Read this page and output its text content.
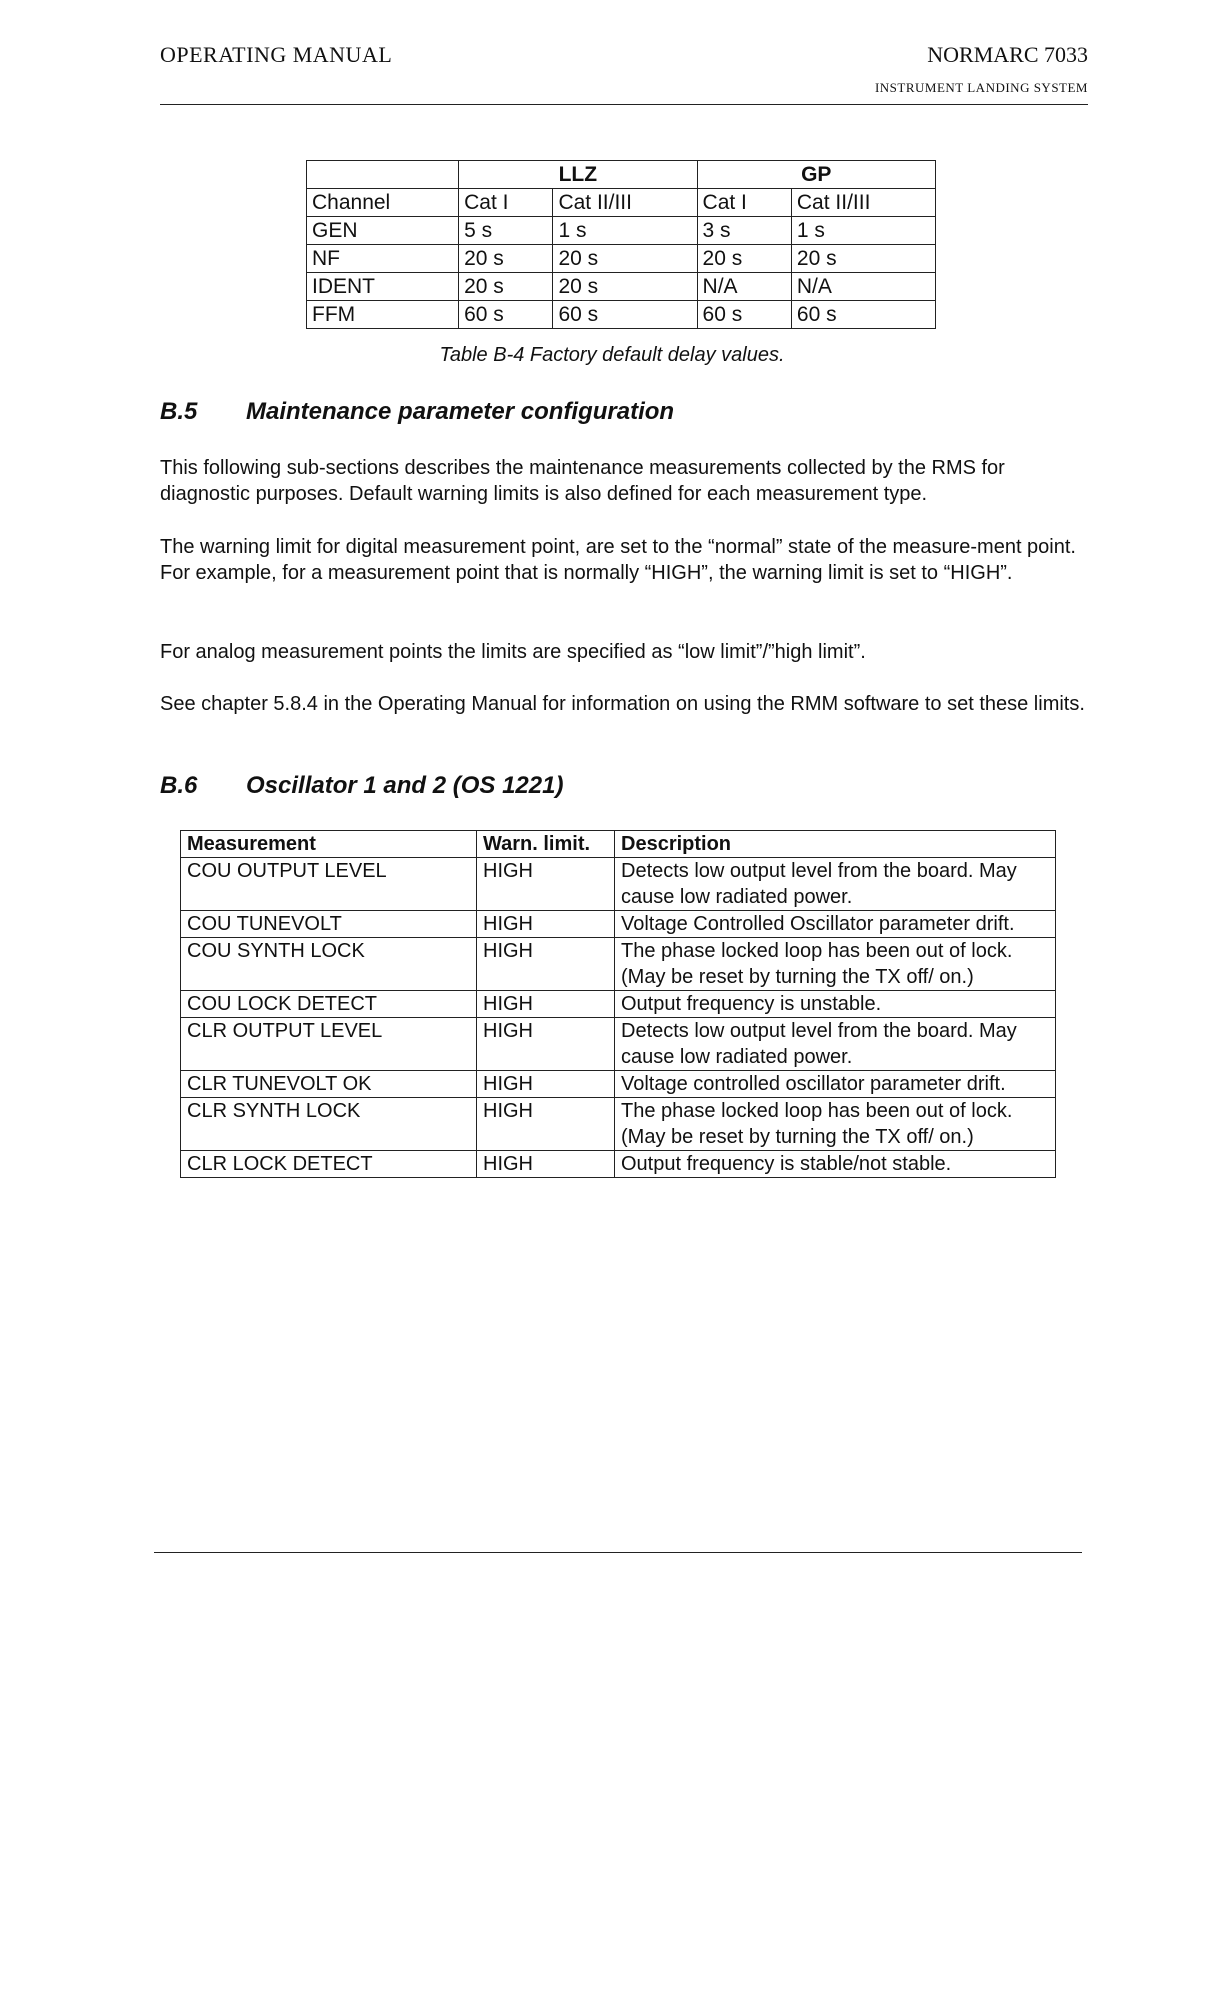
OPERATING MANUAL	NORMARC 7033
INSTRUMENT LANDING SYSTEM
	LLZ		GP	
Channel	Cat I	Cat II/III	Cat I	Cat II/III
GEN	5 s	1 s	3 s	1 s
NF	20 s	20 s	20 s	20 s
IDENT	20 s	20 s	N/A	N/A
FFM	60 s	60 s	60 s	60 s
Table B-4 Factory default delay values.
B.5 Maintenance parameter configuration

This following sub-sections describes the maintenance measurements collected by the RMS for diagnostic purposes. Default warning limits is also defined for each measurement type.

The warning limit for digital measurement point, are set to the “normal” state of the measure-ment point. For example, for a measurement point that is normally “HIGH”, the warning limit is set to “HIGH”.

For analog measurement points the limits are specified as “low limit”/”high limit”.

See chapter 5.8.4 in the Operating Manual for information on using the RMM software to set these limits.

B.6 Oscillator 1 and 2 (OS 1221)
Measurement	Warn. limit.	Description
COU OUTPUT LEVEL	HIGH	Detects low output level from the board. May cause low radiated power.
COU TUNEVOLT	HIGH	Voltage Controlled Oscillator parameter drift.
COU SYNTH LOCK	HIGH	The phase locked loop has been out of lock. (May be reset by turning the TX off/ on.)
COU LOCK DETECT	HIGH	Output frequency is unstable.
CLR OUTPUT LEVEL	HIGH	Detects low output level from the board. May cause low radiated power.
CLR TUNEVOLT OK	HIGH	Voltage controlled oscillator parameter drift.
CLR SYNTH LOCK	HIGH	The phase locked loop has been out of lock. (May be reset by turning the TX off/ on.)
CLR LOCK DETECT	HIGH	Output frequency is stable/not stable.
